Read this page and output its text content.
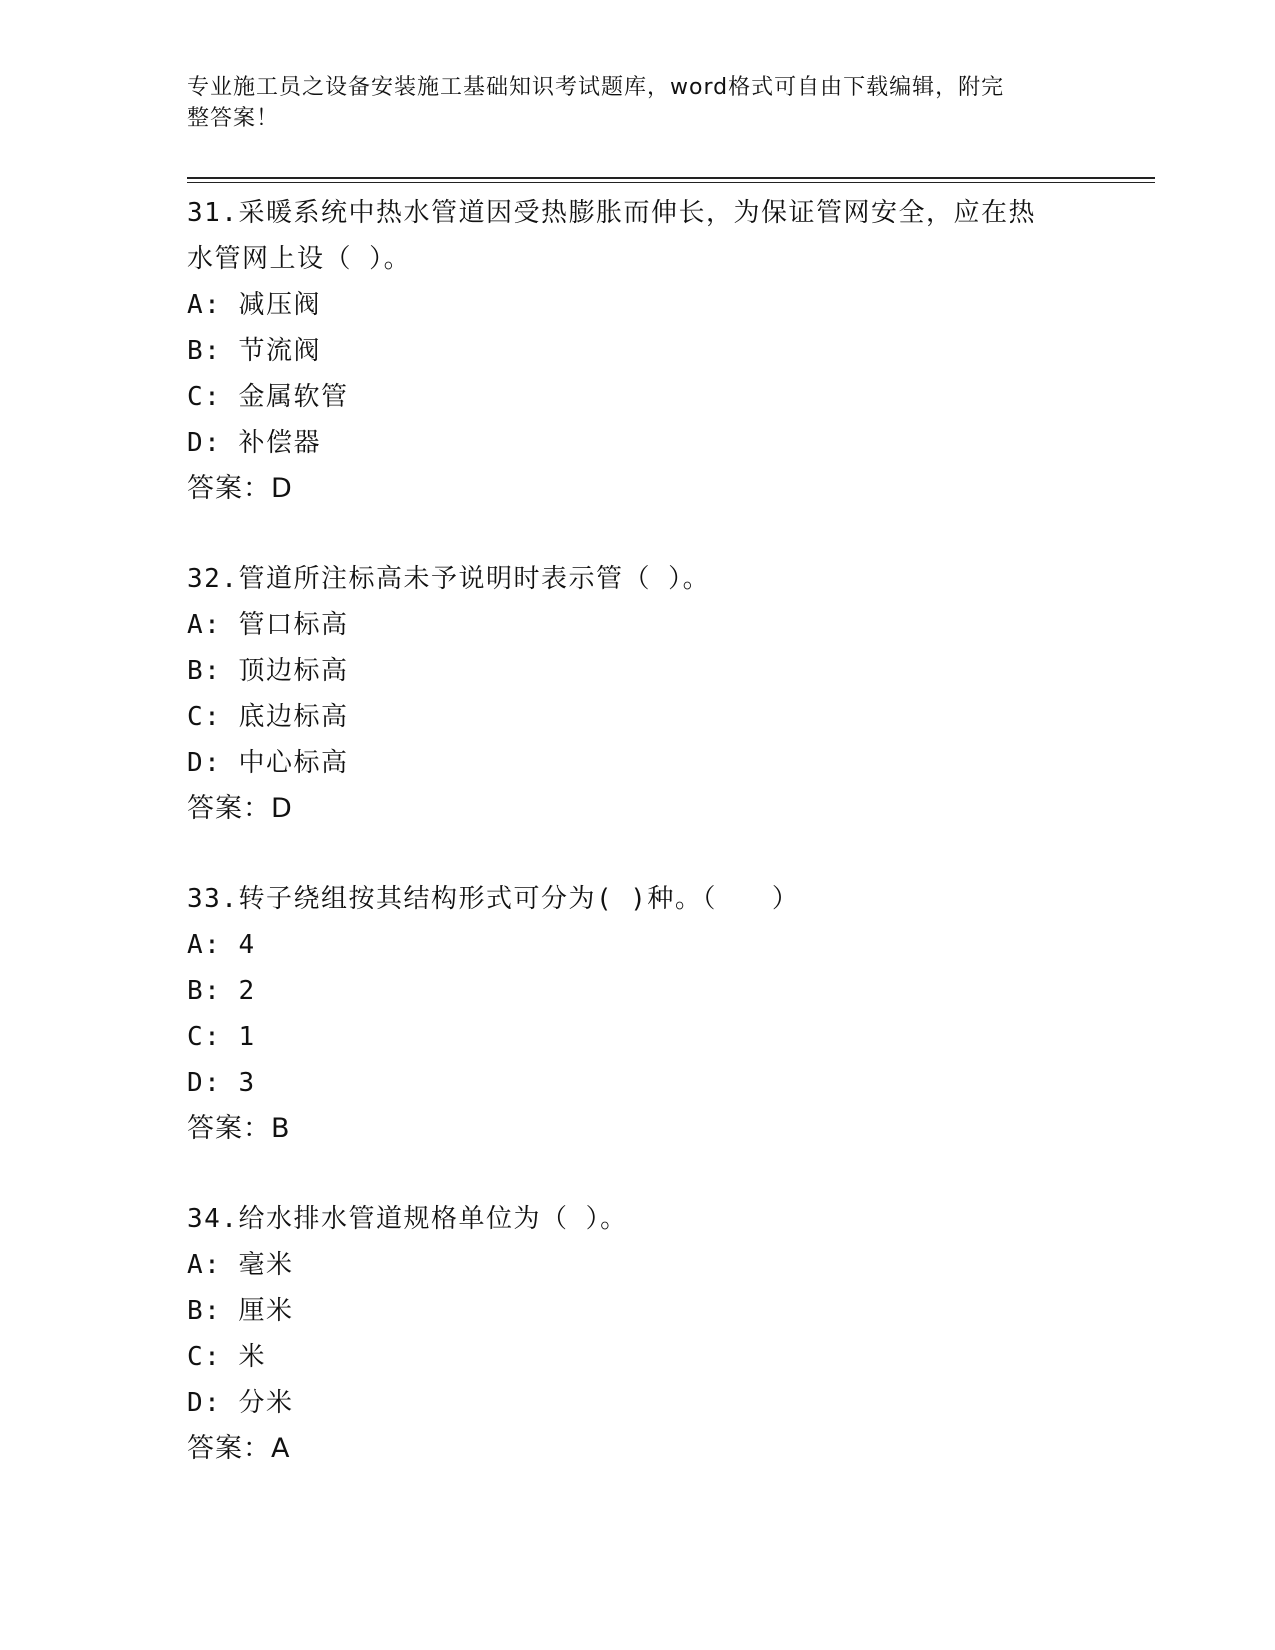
专业施工员之设备安装施工基础知识考试题库，word格式可自由下载编辑，附完
整答案！

31.采暖系统中热水管道因受热膨胀而伸长，为保证管网安全，应在热

水管网上设（ ）。

A: 减压阀

B: 节流阀

C: 金属软管

D: 补偿器

答案：D

32.管道所注标高未予说明时表示管（ ）。

A: 管口标高

B: 顶边标高

C: 底边标高

D: 中心标高

答案：D

33.转子绕组按其结构形式可分为( )种。（　　）

A: 4

B: 2

C: 1

D: 3

答案：B

34.给水排水管道规格单位为（ ）。

A: 毫米

B: 厘米

C: 米

D: 分米

答案：A
